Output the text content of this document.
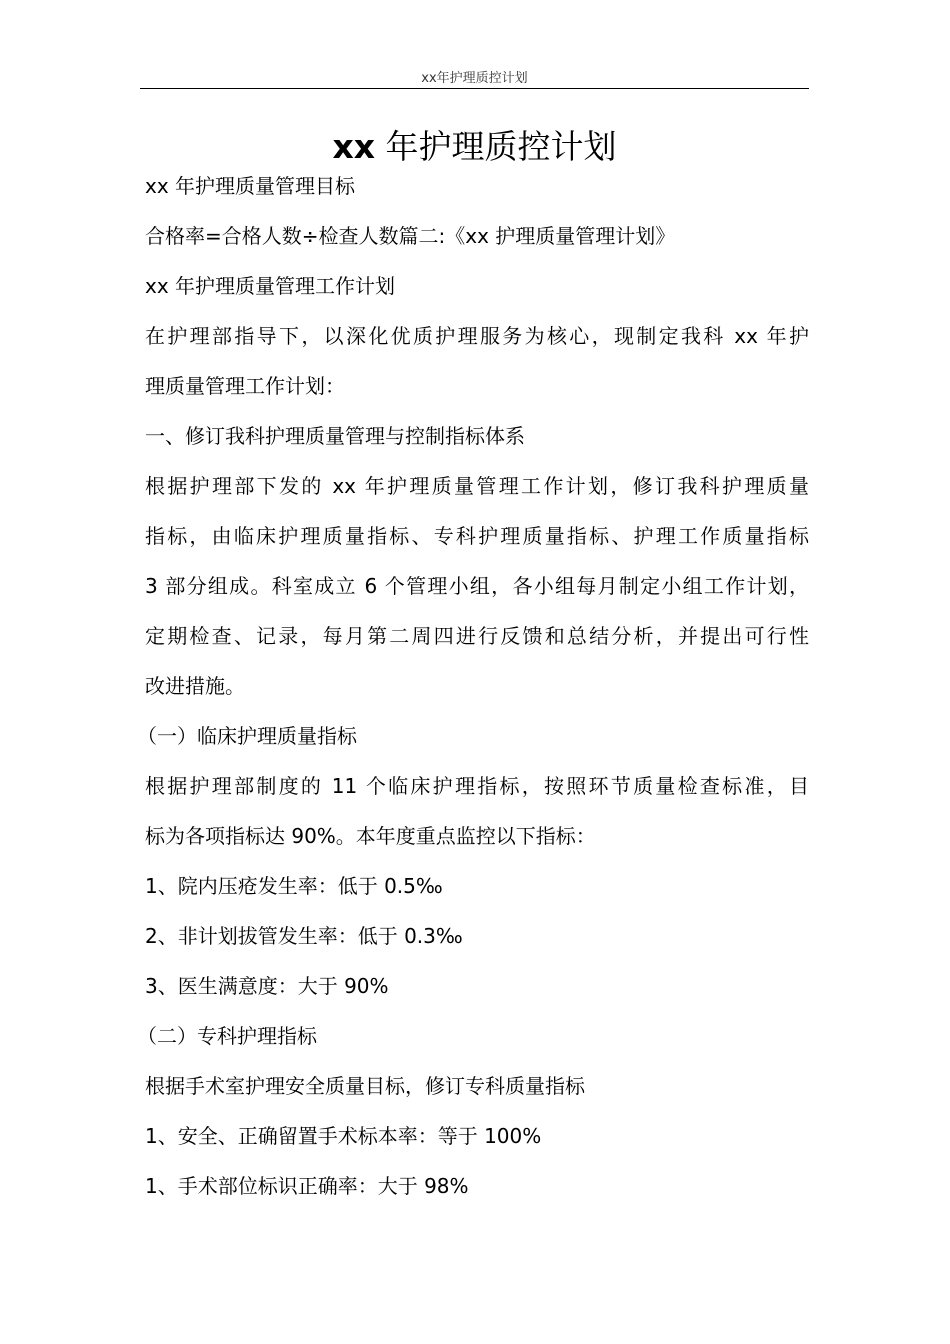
xx年护理质控计划
xx 年护理质控计划
xx 年护理质量管理目标
合格率=合格人数÷检查人数篇二:《xx 护理质量管理计划》
xx 年护理质量管理工作计划
在护理部指导下，以深化优质护理服务为核心，现制定我科 xx 年护
理质量管理工作计划：
一、修订我科护理质量管理与控制指标体系
根据护理部下发的 xx 年护理质量管理工作计划，修订我科护理质量
指标，由临床护理质量指标、专科护理质量指标、护理工作质量指标
3 部分组成。科室成立 6 个管理小组，各小组每月制定小组工作计划，
定期检查、记录，每月第二周四进行反馈和总结分析，并提出可行性
改进措施。
（一）临床护理质量指标
根据护理部制度的 11 个临床护理指标，按照环节质量检查标准，目
标为各项指标达 90%。本年度重点监控以下指标：
1、院内压疮发生率：低于 0.5‰
2、非计划拔管发生率：低于 0.3‰
3、医生满意度：大于 90%
（二）专科护理指标
根据手术室护理安全质量目标，修订专科质量指标
1、安全、正确留置手术标本率：等于 100%
1、手术部位标识正确率：大于 98%
